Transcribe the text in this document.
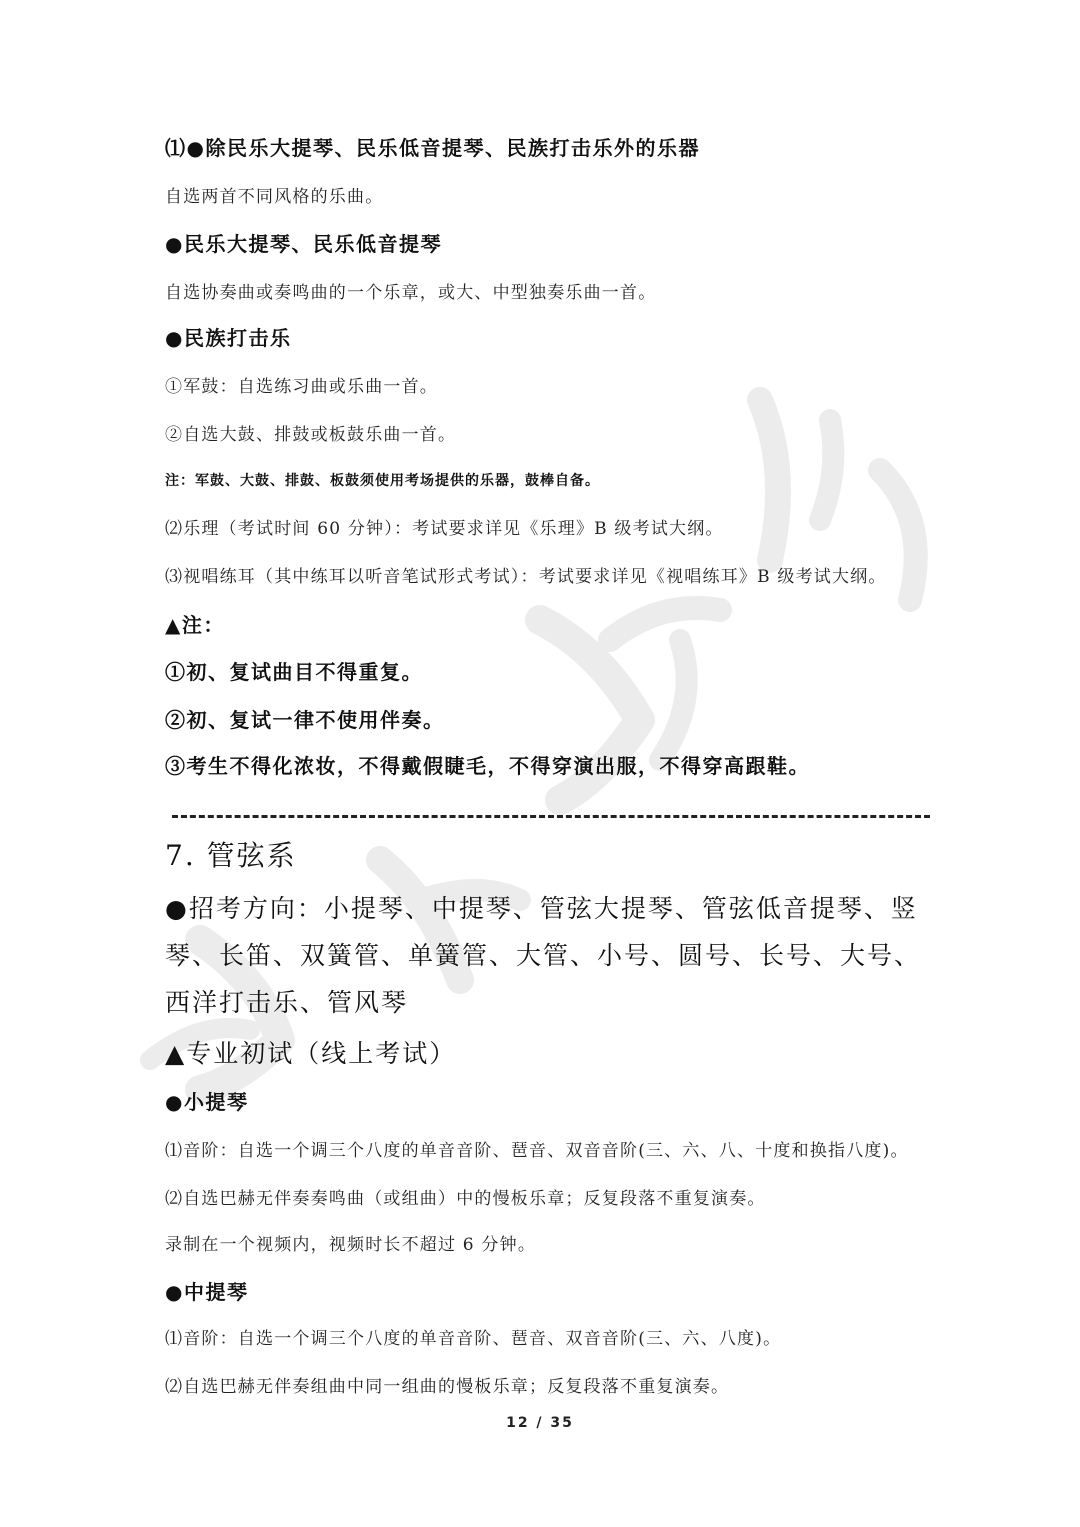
⑴●除民乐大提琴、民乐低音提琴、民族打击乐外的乐器
自选两首不同风格的乐曲。
●民乐大提琴、民乐低音提琴
自选协奏曲或奏鸣曲的一个乐章，或大、中型独奏乐曲一首。
●民族打击乐
①军鼓：自选练习曲或乐曲一首。
②自选大鼓、排鼓或板鼓乐曲一首。
注：军鼓、大鼓、排鼓、板鼓须使用考场提供的乐器，鼓棒自备。
⑵乐理（考试时间 60 分钟）：考试要求详见《乐理》B 级考试大纲。
⑶视唱练耳（其中练耳以听音笔试形式考试）：考试要求详见《视唱练耳》B 级考试大纲。
▲注：
①初、复试曲目不得重复。
②初、复试一律不使用伴奏。
③考生不得化浓妆，不得戴假睫毛，不得穿演出服，不得穿高跟鞋。
7. 管弦系
●招考方向：小提琴、中提琴、管弦大提琴、管弦低音提琴、竖琴、长笛、双簧管、单簧管、大管、小号、圆号、长号、大号、西洋打击乐、管风琴
▲专业初试（线上考试）
●小提琴
⑴音阶：自选一个调三个八度的单音音阶、琶音、双音音阶(三、六、八、十度和换指八度)。
⑵自选巴赫无伴奏奏鸣曲（或组曲）中的慢板乐章；反复段落不重复演奏。
录制在一个视频内，视频时长不超过 6 分钟。
●中提琴
⑴音阶：自选一个调三个八度的单音音阶、琶音、双音音阶(三、六、八度)。
⑵自选巴赫无伴奏组曲中同一组曲的慢板乐章；反复段落不重复演奏。
12 / 35
